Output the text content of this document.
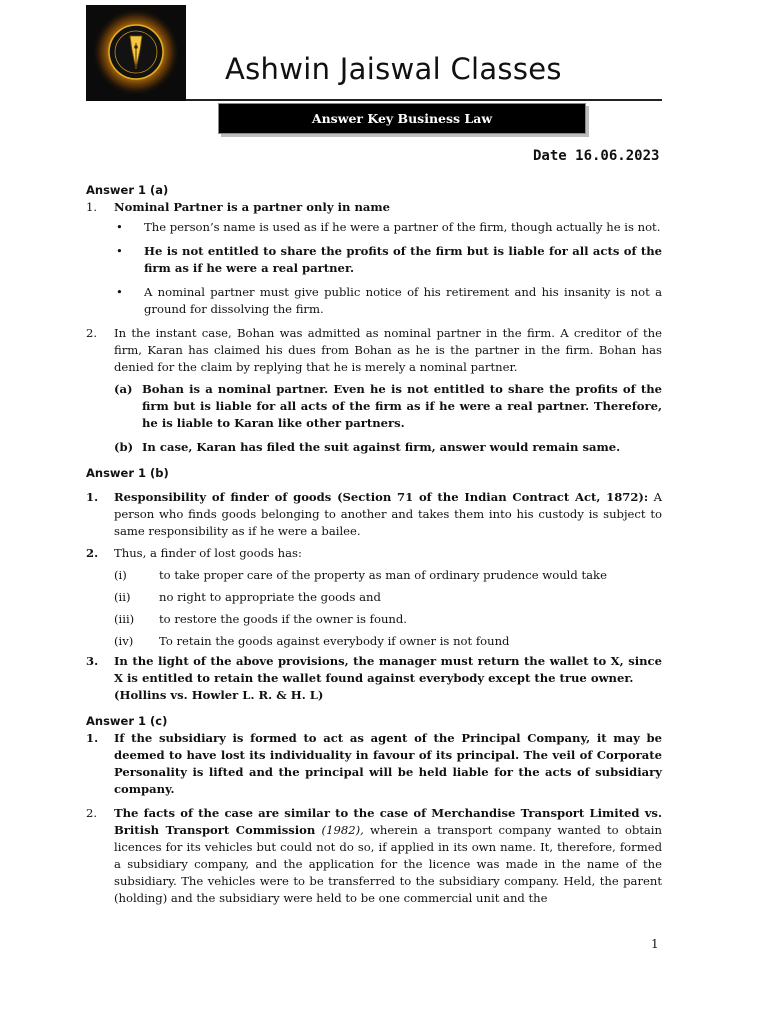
Ashwin Jaiswal Classes
Answer Key Business Law
Date 16.06.2023
Answer 1 (a)
1.	Nominal Partner is a partner only in name
•	The person’s name is used as if he were a partner of the firm, though actually he is not.
•	He is not entitled to share the profits of the firm but is liable for all acts of the firm as if he were a real partner.
•	A nominal partner must give public notice of his retirement and his insanity is not a ground for dissolving the firm.
2.	In the instant case, Bohan was admitted as nominal partner in the firm. A creditor of the firm, Karan has claimed his dues from Bohan as he is the partner in the firm. Bohan has denied for the claim by replying that he is merely a nominal partner.
(a) Bohan is a nominal partner. Even he is not entitled to share the profits of the firm but is liable for all acts of the firm as if he were a real partner. Therefore, he is liable to Karan like other partners.
(b) In case, Karan has filed the suit against firm, answer would remain same.
Answer 1 (b)
1.	Responsibility of finder of goods (Section 71 of the Indian Contract Act, 1872): A person who finds goods belonging to another and takes them into his custody is subject to same responsibility as if he were a bailee.
2.	Thus, a finder of lost goods has:
(i)	to take proper care of the property as man of ordinary prudence would take
(ii)	no right to appropriate the goods and
(iii)	to restore the goods if the owner is found.
(iv)	To retain the goods against everybody if owner is not found
3.	In the light of the above provisions, the manager must return the wallet to X, since X is entitled to retain the wallet found against everybody except the true owner.
(Hollins vs. Howler L. R. & H. L)
Answer 1 (c)
1.	If the subsidiary is formed to act as agent of the Principal Company, it may be deemed to have lost its individuality in favour of its principal. The veil of Corporate Personality is lifted and the principal will be held liable for the acts of subsidiary company.
2.	The facts of the case are similar to the case of Merchandise Transport Limited vs. British Transport Commission (1982), wherein a transport company wanted to obtain licences for its vehicles but could not do so, if applied in its own name. It, therefore, formed a subsidiary company, and the application for the licence was made in the name of the subsidiary. The vehicles were to be transferred to the subsidiary company. Held, the parent (holding) and the subsidiary were held to be one commercial unit and the
1
